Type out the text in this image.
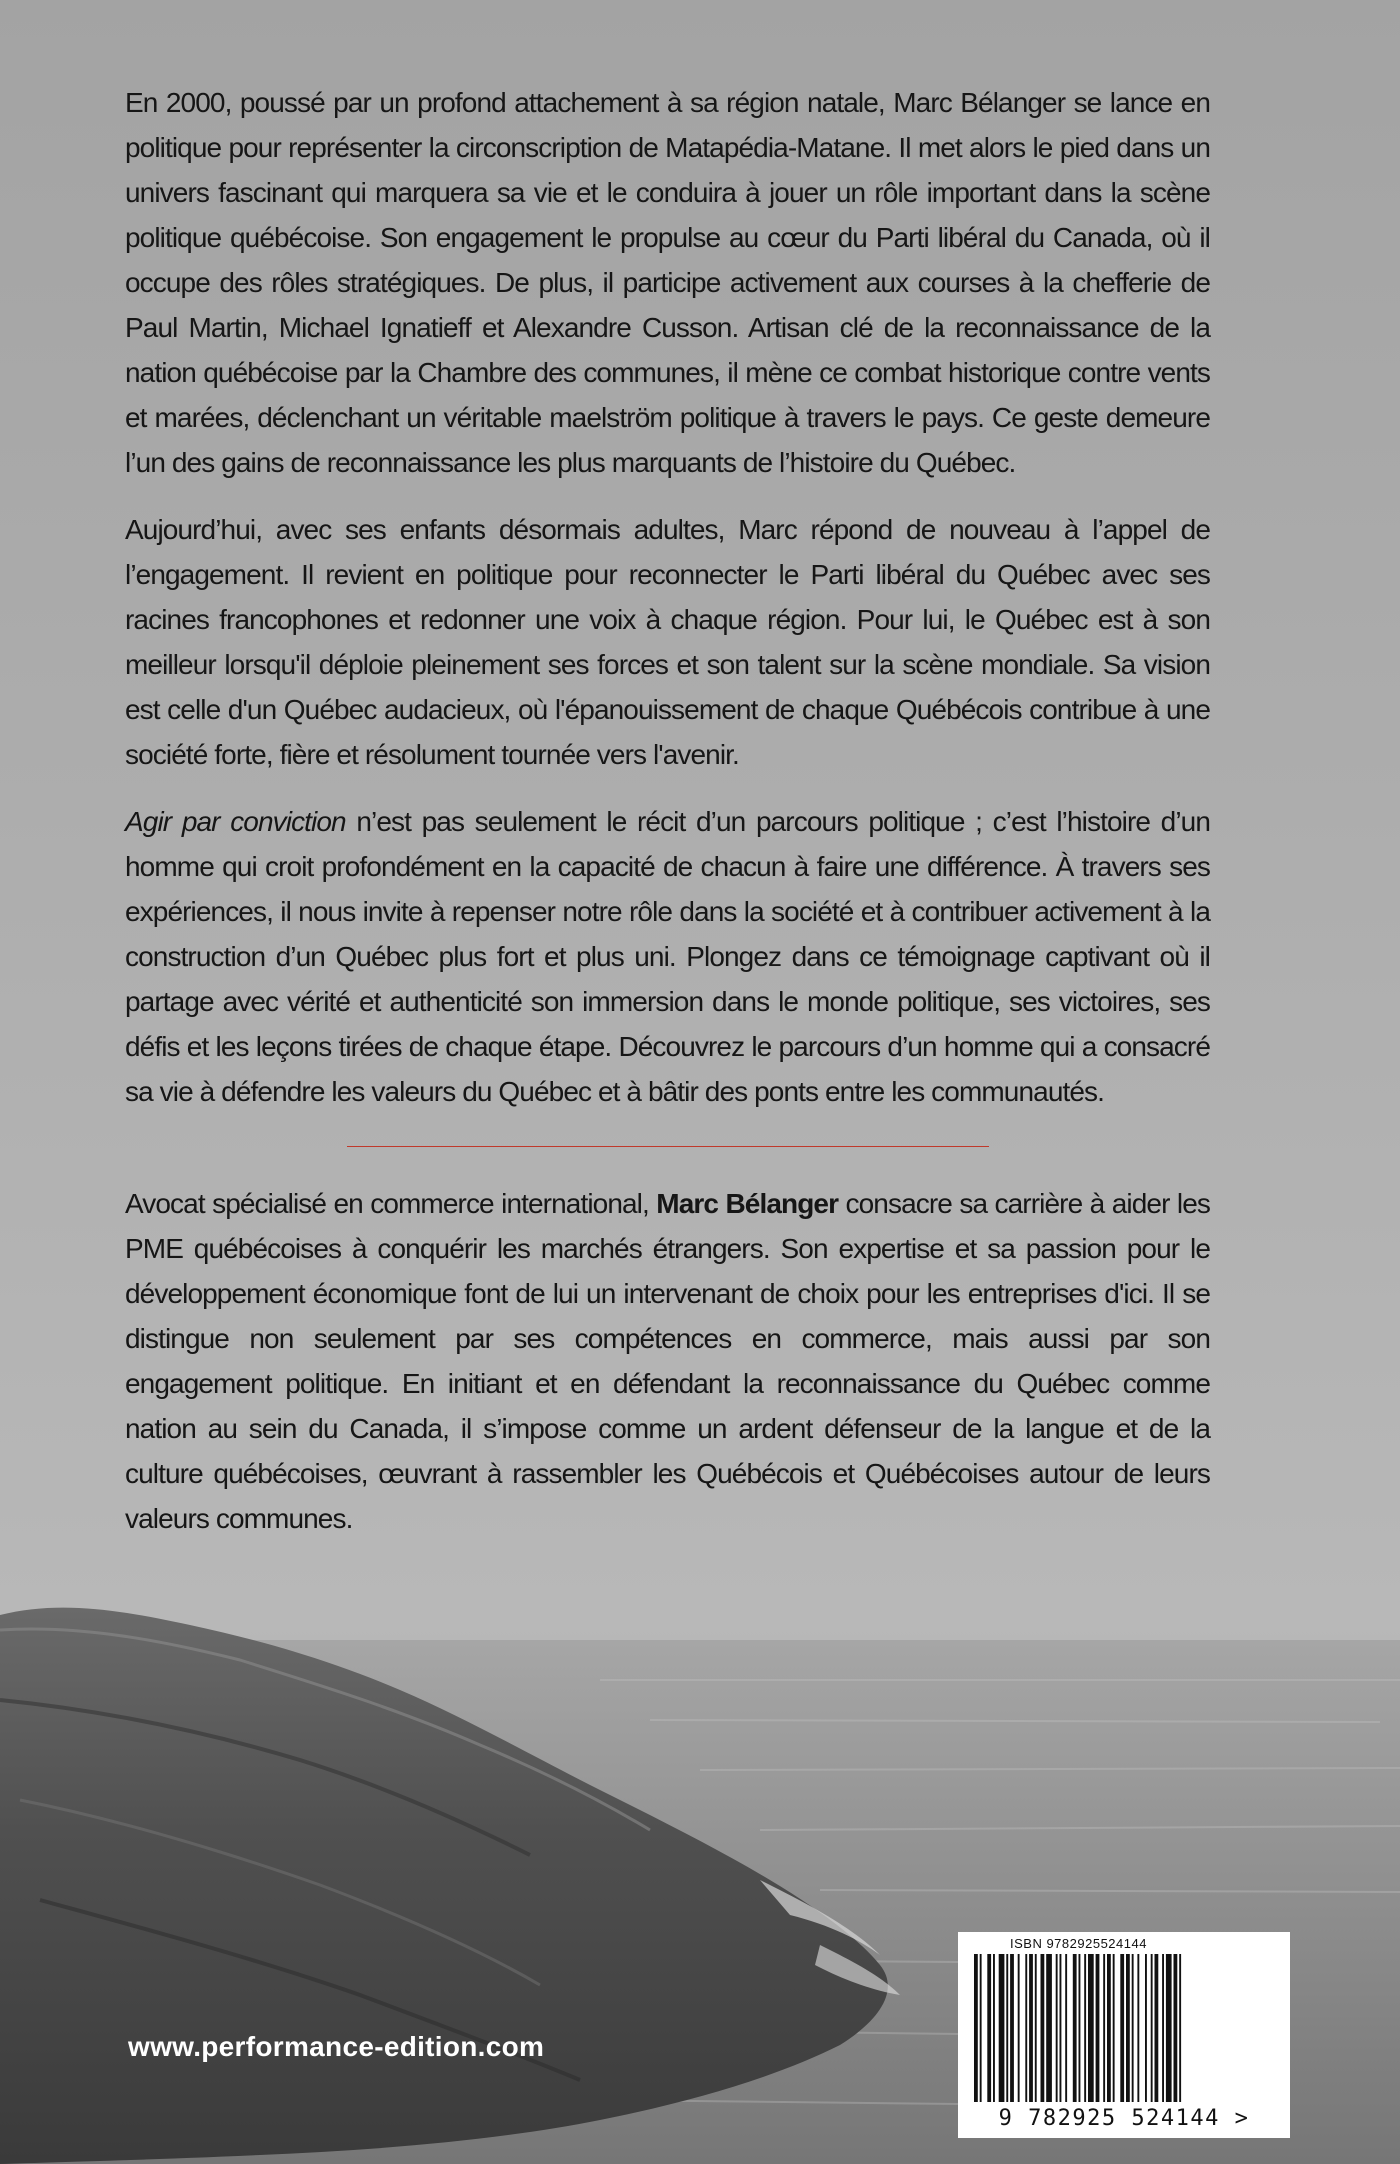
En 2000, poussé par un profond attachement à sa région natale, Marc Bélanger se lance en politique pour représenter la circonscription de Matapédia-Matane. Il met alors le pied dans un univers fascinant qui marquera sa vie et le conduira à jouer un rôle important dans la scène politique québécoise. Son engagement le propulse au cœur du Parti libéral du Canada, où il occupe des rôles stratégiques. De plus, il participe activement aux courses à la chefferie de Paul Martin, Michael Ignatieff et Alexandre Cusson. Artisan clé de la reconnaissance de la nation québécoise par la Chambre des communes, il mène ce combat historique contre vents et marées, déclenchant un véritable maelström politique à travers le pays. Ce geste demeure l’un des gains de reconnaissance les plus marquants de l’histoire du Québec.

Aujourd’hui, avec ses enfants désormais adultes, Marc répond de nouveau à l’appel de l’engagement. Il revient en politique pour reconnecter le Parti libéral du Québec avec ses racines francophones et redonner une voix à chaque région. Pour lui, le Québec est à son meilleur lorsqu'il déploie pleinement ses forces et son talent sur la scène mondiale. Sa vision est celle d'un Québec audacieux, où l'épanouissement de chaque Québécois contribue à une société forte, fière et résolument tournée vers l'avenir.

Agir par conviction n’est pas seulement le récit d’un parcours politique ; c’est l’histoire d’un homme qui croit profondément en la capacité de chacun à faire une différence. À travers ses expériences, il nous invite à repenser notre rôle dans la société et à contribuer activement à la construction d’un Québec plus fort et plus uni. Plongez dans ce témoignage captivant où il partage avec vérité et authenticité son immersion dans le monde politique, ses victoires, ses défis et les leçons tirées de chaque étape. Découvrez le parcours d’un homme qui a consacré sa vie à défendre les valeurs du Québec et à bâtir des ponts entre les communautés.

Avocat spécialisé en commerce international, Marc Bélanger consacre sa carrière à aider les PME québécoises à conquérir les marchés étrangers. Son expertise et sa passion pour le développement économique font de lui un intervenant de choix pour les entreprises d'ici. Il se distingue non seulement par ses compétences en commerce, mais aussi par son engagement politique. En initiant et en défendant la reconnaissance du Québec comme nation au sein du Canada, il s’impose comme un ardent défenseur de la langue et de la culture québécoises, œuvrant à rassembler les Québécois et Québécoises autour de leurs valeurs communes.

www.performance-edition.com
ISBN 9782925524144
9 782925 524144 >
